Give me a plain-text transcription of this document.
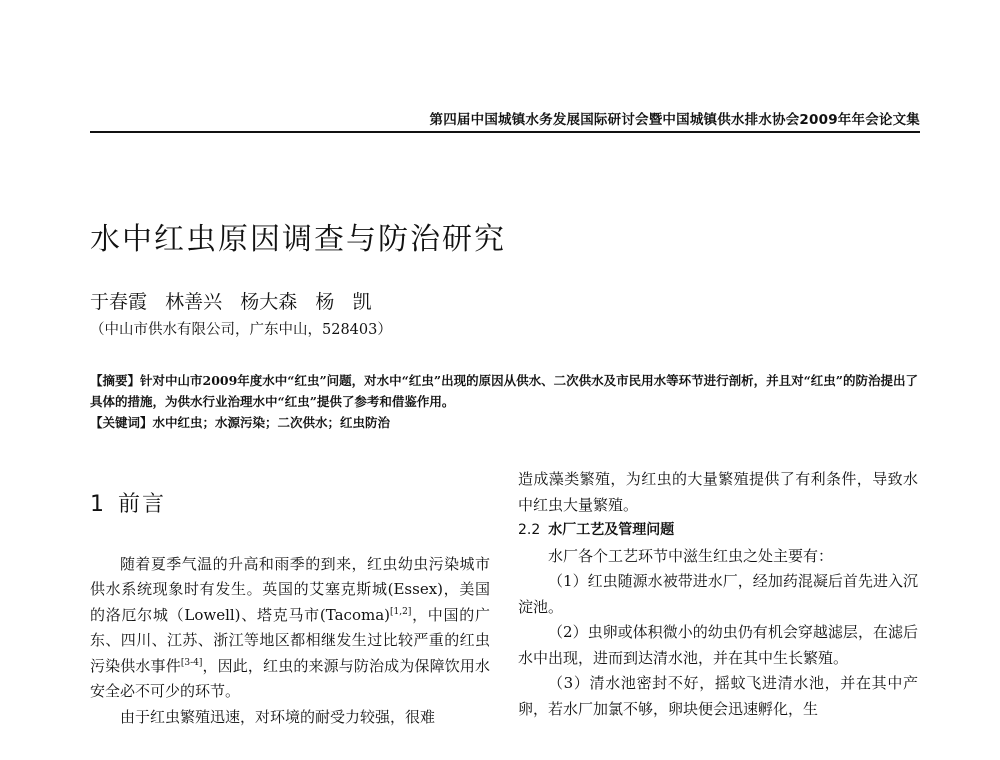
第四届中国城镇水务发展国际研讨会暨中国城镇供水排水协会2009年年会论文集
水中红虫原因调查与防治研究
于春霞   林善兴   杨大森   杨   凯
（中山市供水有限公司，广东中山，528403）

【摘要】针对中山市2009年度水中“红虫”问题，对水中“红虫”出现的原因从供水、二次供水及市民用水等环节进行剖析，并且对“红虫”的防治提出了具体的措施，为供水行业治理水中“红虫”提供了参考和借鉴作用。

【关键词】水中红虫；水源污染；二次供水；红虫防治

1 前言

随着夏季气温的升高和雨季的到来，红虫幼虫污染城市供水系统现象时有发生。英国的艾塞克斯城(Essex)，美国的洛厄尔城（Lowell)、塔克马市(Tacoma)[1,2]，中国的广东、四川、江苏、浙江等地区都相继发生过比较严重的红虫污染供水事件[3-4]，因此，红虫的来源与防治成为保障饮用水安全必不可少的环节。

由于红虫繁殖迅速，对环境的耐受力较强，很难

造成藻类繁殖，为红虫的大量繁殖提供了有利条件，导致水中红虫大量繁殖。

2.2 水厂工艺及管理问题

水厂各个工艺环节中滋生红虫之处主要有：

（1）红虫随源水被带进水厂，经加药混凝后首先进入沉淀池。

（2）虫卵或体积微小的幼虫仍有机会穿越滤层，在滤后水中出现，进而到达清水池，并在其中生长繁殖。

（3）清水池密封不好，摇蚊飞进清水池，并在其中产卵，若水厂加氯不够，卵块便会迅速孵化，生
